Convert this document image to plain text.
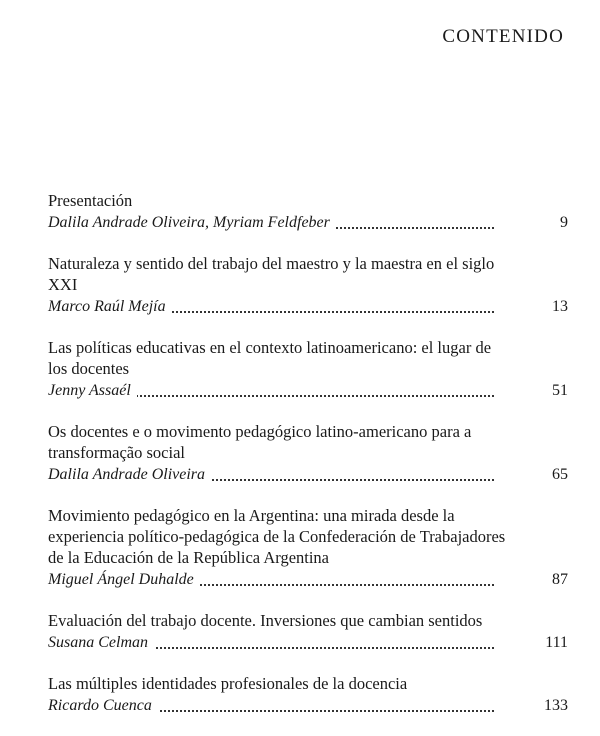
CONTENIDO
Presentación
Dalila Andrade Oliveira, Myriam Feldfeber	9
Naturaleza y sentido del trabajo del maestro y la maestra en el siglo XXI
Marco Raúl Mejía	13
Las políticas educativas en el contexto latinoamericano: el lugar de los docentes
Jenny Assaél	51
Os docentes e o movimento pedagógico latino-americano para a transformação social
Dalila Andrade Oliveira	65
Movimiento pedagógico en la Argentina: una mirada desde la experiencia político-pedagógica de la Confederación de Trabajadores de la Educación de la República Argentina
Miguel Ángel Duhalde	87
Evaluación del trabajo docente. Inversiones que cambian sentidos
Susana Celman	111
Las múltiples identidades profesionales de la docencia
Ricardo Cuenca	133
